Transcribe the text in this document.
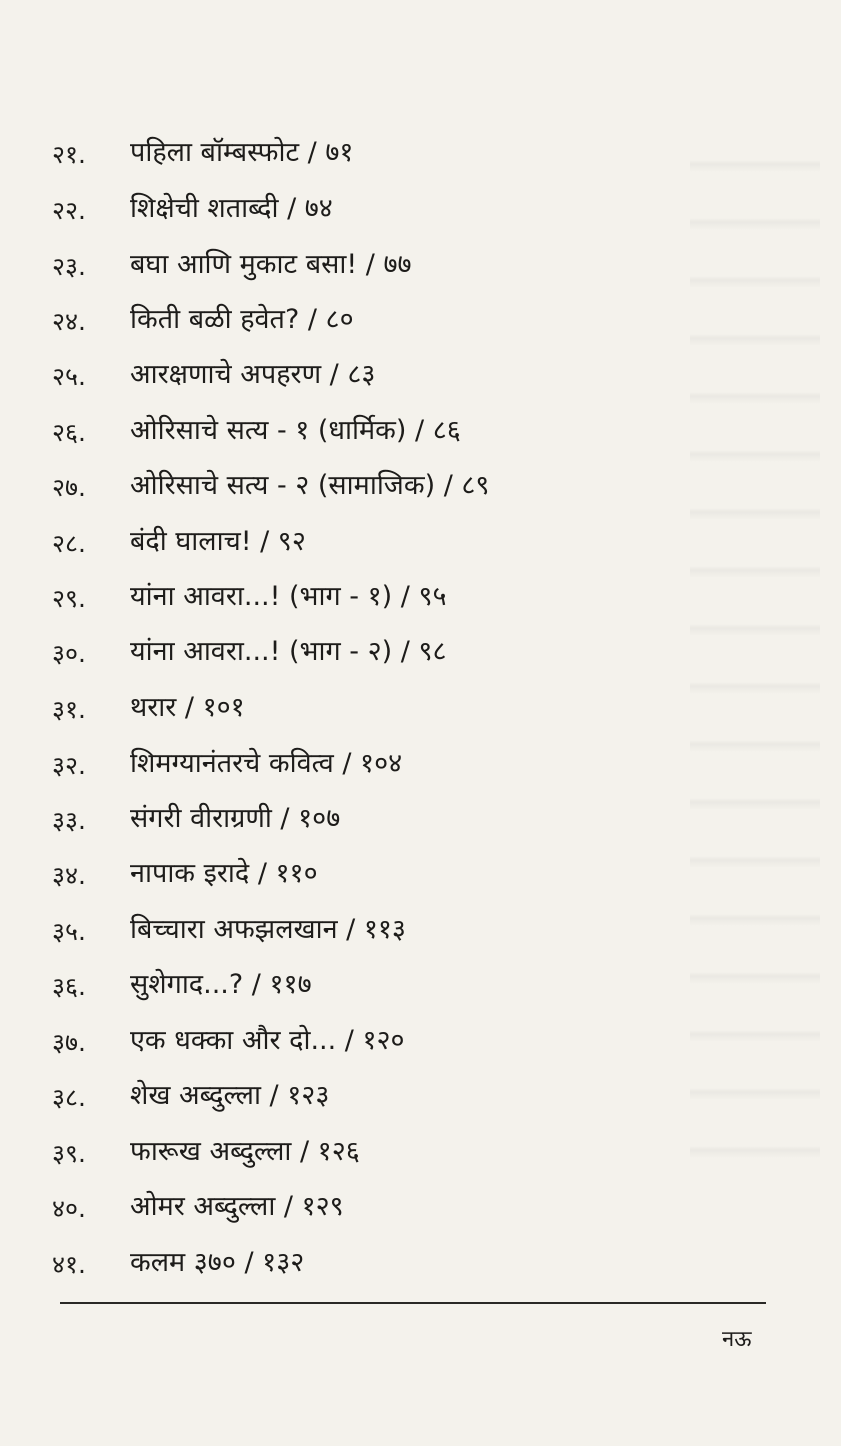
२१. पहिला बॉम्बस्फोट / ७१
२२. शिक्षेची शताब्दी / ७४
२३. बघा आणि मुकाट बसा! / ७७
२४. किती बळी हवेत? / ८०
२५. आरक्षणाचे अपहरण / ८३
२६. ओरिसाचे सत्य - १ (धार्मिक) / ८६
२७. ओरिसाचे सत्य - २ (सामाजिक) / ८९
२८. बंदी घालाच! / ९२
२९. यांना आवरा...! (भाग - १) / ९५
३०. यांना आवरा...! (भाग - २) / ९८
३१. थरार / १०१
३२. शिमग्यानंतरचे कवित्व / १०४
३३. संगरी वीराग्रणी / १०७
३४. नापाक इरादे / ११०
३५. बिच्चारा अफझलखान / ११३
३६. सुशेगाद...? / ११७
३७. एक धक्का और दो... / १२०
३८. शेख अब्दुल्ला / १२३
३९. फारूख अब्दुल्ला / १२६
४०. ओमर अब्दुल्ला / १२९
४१. कलम ३७० / १३२
नऊ
